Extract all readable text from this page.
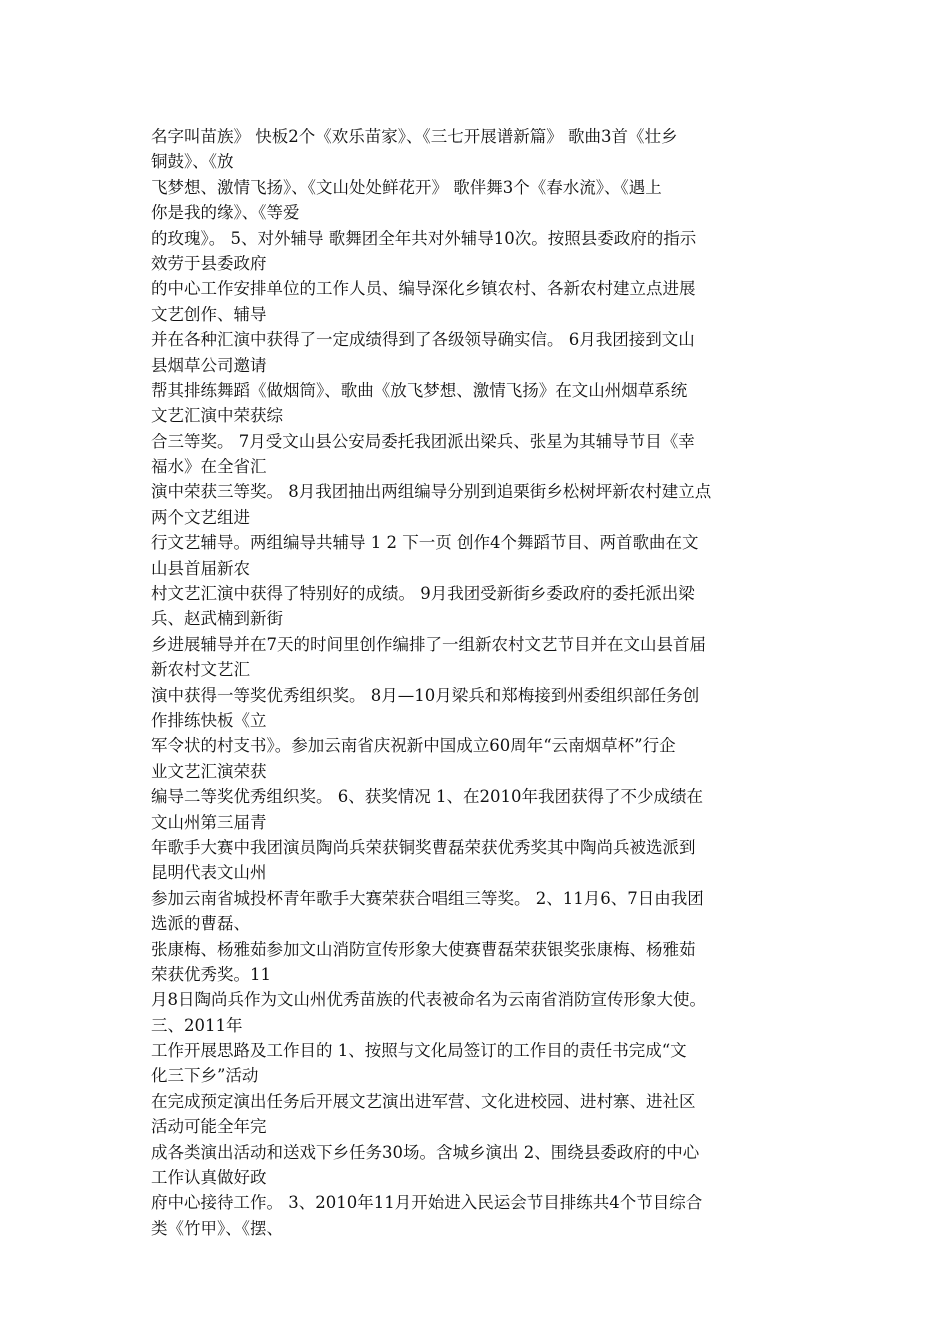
名字叫苗族》 快板2个《欢乐苗家》、《三七开展谱新篇》 歌曲3首《壮乡
铜鼓》、《放
飞梦想、激情飞扬》、《文山处处鲜花开》 歌伴舞3个《春水流》、《遇上
你是我的缘》、《等爱
的玫瑰》。 5、对外辅导 歌舞团全年共对外辅导10次。按照县委政府的指示
效劳于县委政府
的中心工作安排单位的工作人员、编导深化乡镇农村、各新农村建立点进展
文艺创作、辅导
并在各种汇演中获得了一定成绩得到了各级领导确实信。 6月我团接到文山
县烟草公司邀请
帮其排练舞蹈《做烟筒》、歌曲《放飞梦想、激情飞扬》在文山州烟草系统
文艺汇演中荣获综
合三等奖。 7月受文山县公安局委托我团派出梁兵、张星为其辅导节目《幸
福水》在全省汇
演中荣获三等奖。 8月我团抽出两组编导分别到追栗街乡松树坪新农村建立点
两个文艺组进
行文艺辅导。两组编导共辅导 1 2 下一页 创作4个舞蹈节目、两首歌曲在文
山县首届新农
村文艺汇演中获得了特别好的成绩。 9月我团受新街乡委政府的委托派出梁
兵、赵武楠到新街
乡进展辅导并在7天的时间里创作编排了一组新农村文艺节目并在文山县首届
新农村文艺汇
演中获得一等奖优秀组织奖。 8月—10月梁兵和郑梅接到州委组织部任务创
作排练快板《立
军令状的村支书》。参加云南省庆祝新中国成立60周年“云南烟草杯”行企
业文艺汇演荣获
编导二等奖优秀组织奖。 6、获奖情况 1、在2010年我团获得了不少成绩在
文山州第三届青
年歌手大赛中我团演员陶尚兵荣获铜奖曹磊荣获优秀奖其中陶尚兵被选派到
昆明代表文山州
参加云南省城投杯青年歌手大赛荣获合唱组三等奖。 2、11月6、7日由我团
选派的曹磊、
张康梅、杨雅茹参加文山消防宣传形象大使赛曹磊荣获银奖张康梅、杨雅茹
荣获优秀奖。11
月8日陶尚兵作为文山州优秀苗族的代表被命名为云南省消防宣传形象大使。
三、2011年
工作开展思路及工作目的 1、按照与文化局签订的工作目的责任书完成“文
化三下乡”活动
在完成预定演出任务后开展文艺演出进军营、文化进校园、进村寨、进社区
活动可能全年完
成各类演出活动和送戏下乡任务30场。含城乡演出 2、围绕县委政府的中心
工作认真做好政
府中心接待工作。 3、2010年11月开始进入民运会节目排练共4个节目综合
类《竹甲》、《摆、
